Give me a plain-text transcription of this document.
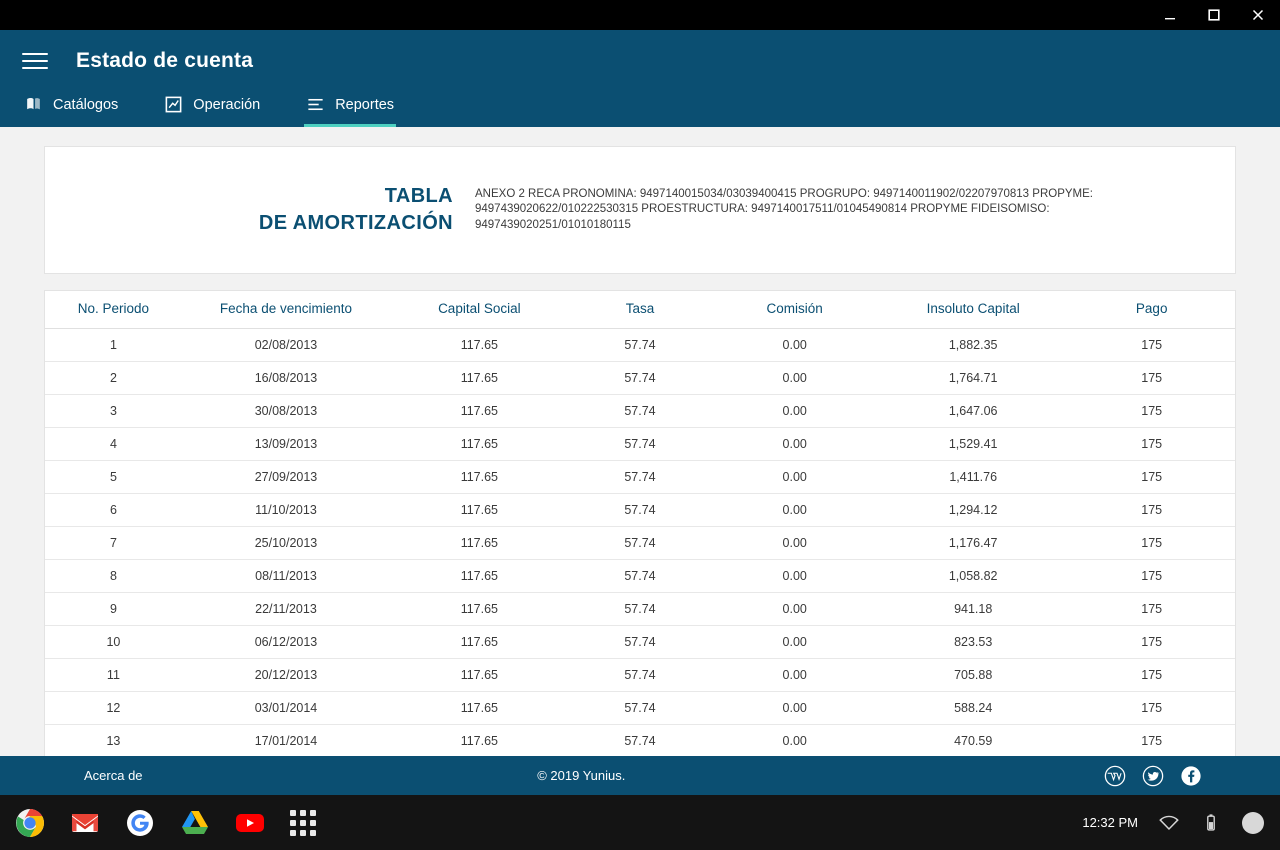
Estado de cuenta
Catálogos	Operación	Reportes
TABLA
DE AMORTIZACIÓN
ANEXO 2 RECA PRONOMINA: 9497140015034/03039400415 PROGRUPO: 9497140011902/02207970813 PROPYME: 9497439020622/010222530315 PROESTRUCTURA: 9497140017511/01045490814 PROPYME FIDEISOMISO: 9497439020251/01010180115
No. Periodo	Fecha de vencimiento	Capital Social	Tasa	Comisión	Insoluto Capital	Pago
1	02/08/2013	117.65	57.74	0.00	1,882.35	175
2	16/08/2013	117.65	57.74	0.00	1,764.71	175
3	30/08/2013	117.65	57.74	0.00	1,647.06	175
4	13/09/2013	117.65	57.74	0.00	1,529.41	175
5	27/09/2013	117.65	57.74	0.00	1,411.76	175
6	11/10/2013	117.65	57.74	0.00	1,294.12	175
7	25/10/2013	117.65	57.74	0.00	1,176.47	175
8	08/11/2013	117.65	57.74	0.00	1,058.82	175
9	22/11/2013	117.65	57.74	0.00	941.18	175
10	06/12/2013	117.65	57.74	0.00	823.53	175
11	20/12/2013	117.65	57.74	0.00	705.88	175
12	03/01/2014	117.65	57.74	0.00	588.24	175
13	17/01/2014	117.65	57.74	0.00	470.59	175
Acerca de	© 2019 Yunius.
12:32 PM
